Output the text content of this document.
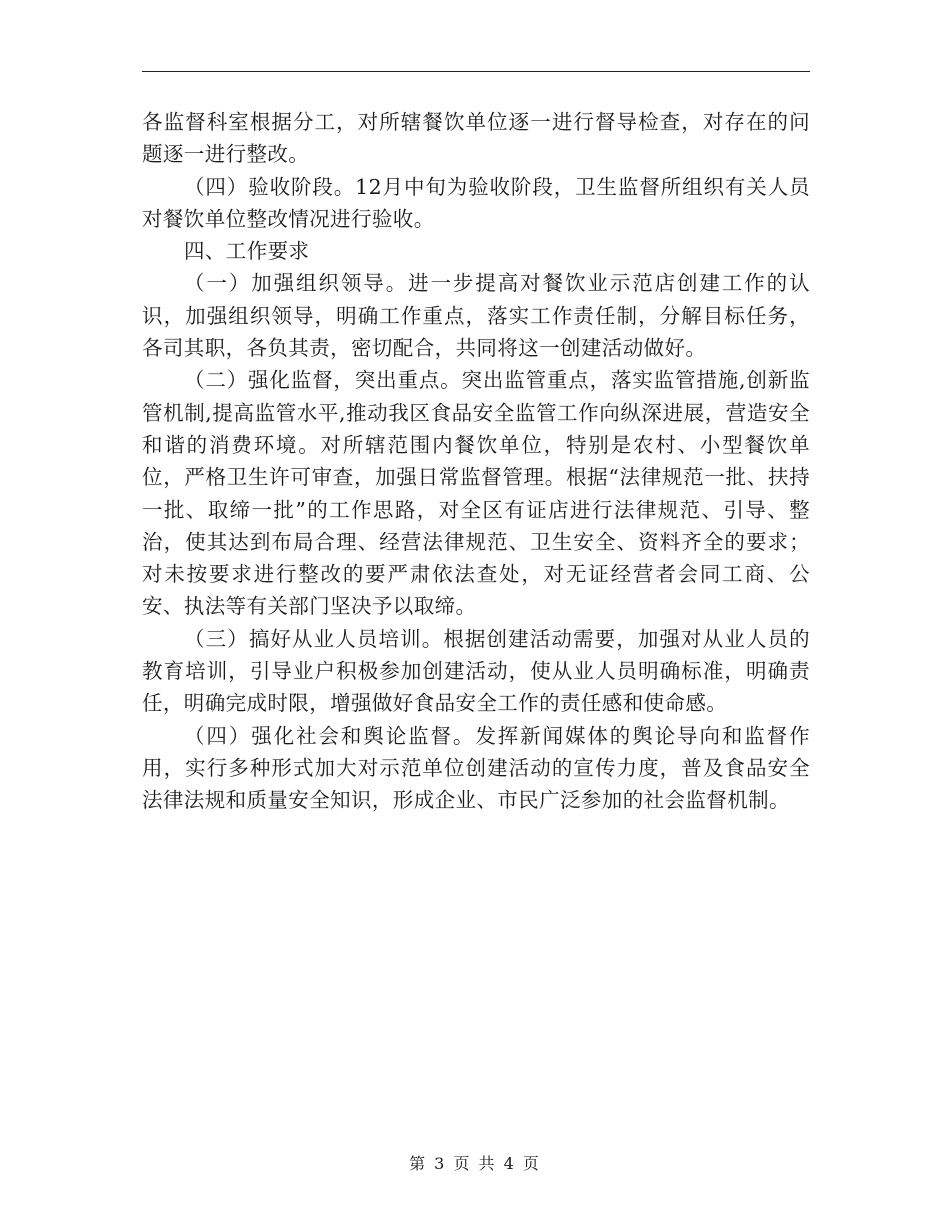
各监督科室根据分工，对所辖餐饮单位逐一进行督导检查，对存在的问题逐一进行整改。

（四）验收阶段。12月中旬为验收阶段，卫生监督所组织有关人员对餐饮单位整改情况进行验收。

四、工作要求

（一）加强组织领导。进一步提高对餐饮业示范店创建工作的认识，加强组织领导，明确工作重点，落实工作责任制，分解目标任务，各司其职，各负其责，密切配合，共同将这一创建活动做好。

（二）强化监督，突出重点。突出监管重点，落实监管措施,创新监管机制,提高监管水平,推动我区食品安全监管工作向纵深进展，营造安全和谐的消费环境。对所辖范围内餐饮单位，特别是农村、小型餐饮单位，严格卫生许可审查，加强日常监督管理。根据“法律规范一批、扶持一批、取缔一批”的工作思路，对全区有证店进行法律规范、引导、整治，使其达到布局合理、经营法律规范、卫生安全、资料齐全的要求；对未按要求进行整改的要严肃依法查处，对无证经营者会同工商、公安、执法等有关部门坚决予以取缔。

（三）搞好从业人员培训。根据创建活动需要，加强对从业人员的教育培训，引导业户积极参加创建活动，使从业人员明确标准，明确责任，明确完成时限，增强做好食品安全工作的责任感和使命感。

（四）强化社会和舆论监督。发挥新闻媒体的舆论导向和监督作用，实行多种形式加大对示范单位创建活动的宣传力度，普及食品安全法律法规和质量安全知识，形成企业、市民广泛参加的社会监督机制。

第 3 页 共 4 页
